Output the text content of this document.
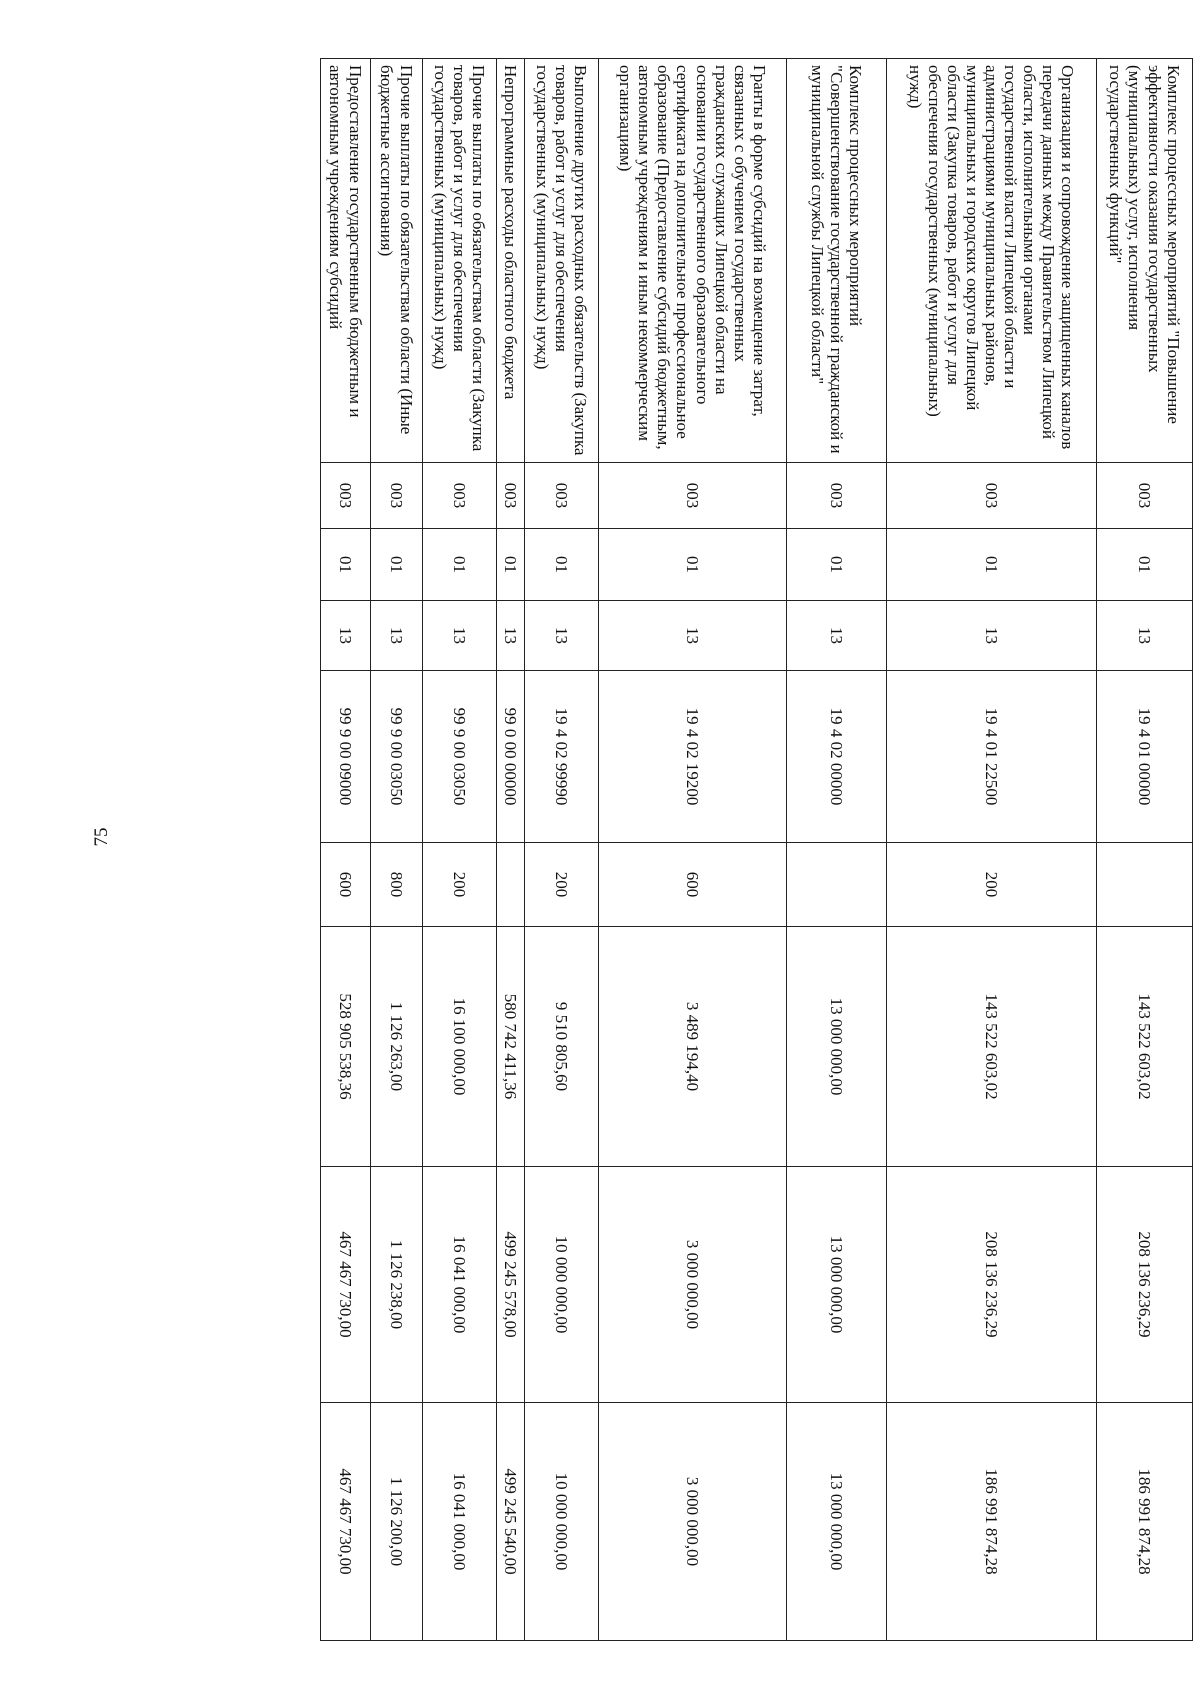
75
Комплекс процессных мероприятий "Повышение эффективности оказания государственных (муниципальных) услуг, исполнения государственных функций"	003	01	13	19 4 01 00000		143 522 603,02	208 136 236,29	186 991 874,28
Организация и сопровождение защищенных каналов передачи данных между Правительством Липецкой области, исполнительными органами государственной власти Липецкой области и администрациями муниципальных районов, муниципальных и городских округов Липецкой области (Закупка товаров, работ и услуг для обеспечения государственных (муниципальных) нужд)	003	01	13	19 4 01 22500	200	143 522 603,02	208 136 236,29	186 991 874,28
Комплекс процессных мероприятий "Совершенствование государственной гражданской и муниципальной службы Липецкой области"	003	01	13	19 4 02 00000		13 000 000,00	13 000 000,00	13 000 000,00
Гранты в форме субсидий на возмещение затрат, связанных с обучением государственных гражданских служащих Липецкой области на основании государственного образовательного сертификата на дополнительное профессиональное образование (Предоставление субсидий бюджетным, автономным учреждениям и иным некоммерческим организациям)	003	01	13	19 4 02 19200	600	3 489 194,40	3 000 000,00	3 000 000,00
Выполнение других расходных обязательств (Закупка товаров, работ и услуг для обеспечения государственных (муниципальных) нужд)	003	01	13	19 4 02 99990	200	9 510 805,60	10 000 000,00	10 000 000,00
Непрограммные расходы областного бюджета	003	01	13	99 0 00 00000		580 742 411,36	499 245 578,00	499 245 540,00
Прочие выплаты по обязательствам области (Закупка товаров, работ и услуг для обеспечения государственных (муниципальных) нужд)	003	01	13	99 9 00 03050	200	16 100 000,00	16 041 000,00	16 041 000,00
Прочие выплаты по обязательствам области (Иные бюджетные ассигнования)	003	01	13	99 9 00 03050	800	1 126 263,00	1 126 238,00	1 126 200,00
Предоставление государственным бюджетным и автономным учреждениям субсидий	003	01	13	99 9 00 09000	600	528 905 538,36	467 467 730,00	467 467 730,00
